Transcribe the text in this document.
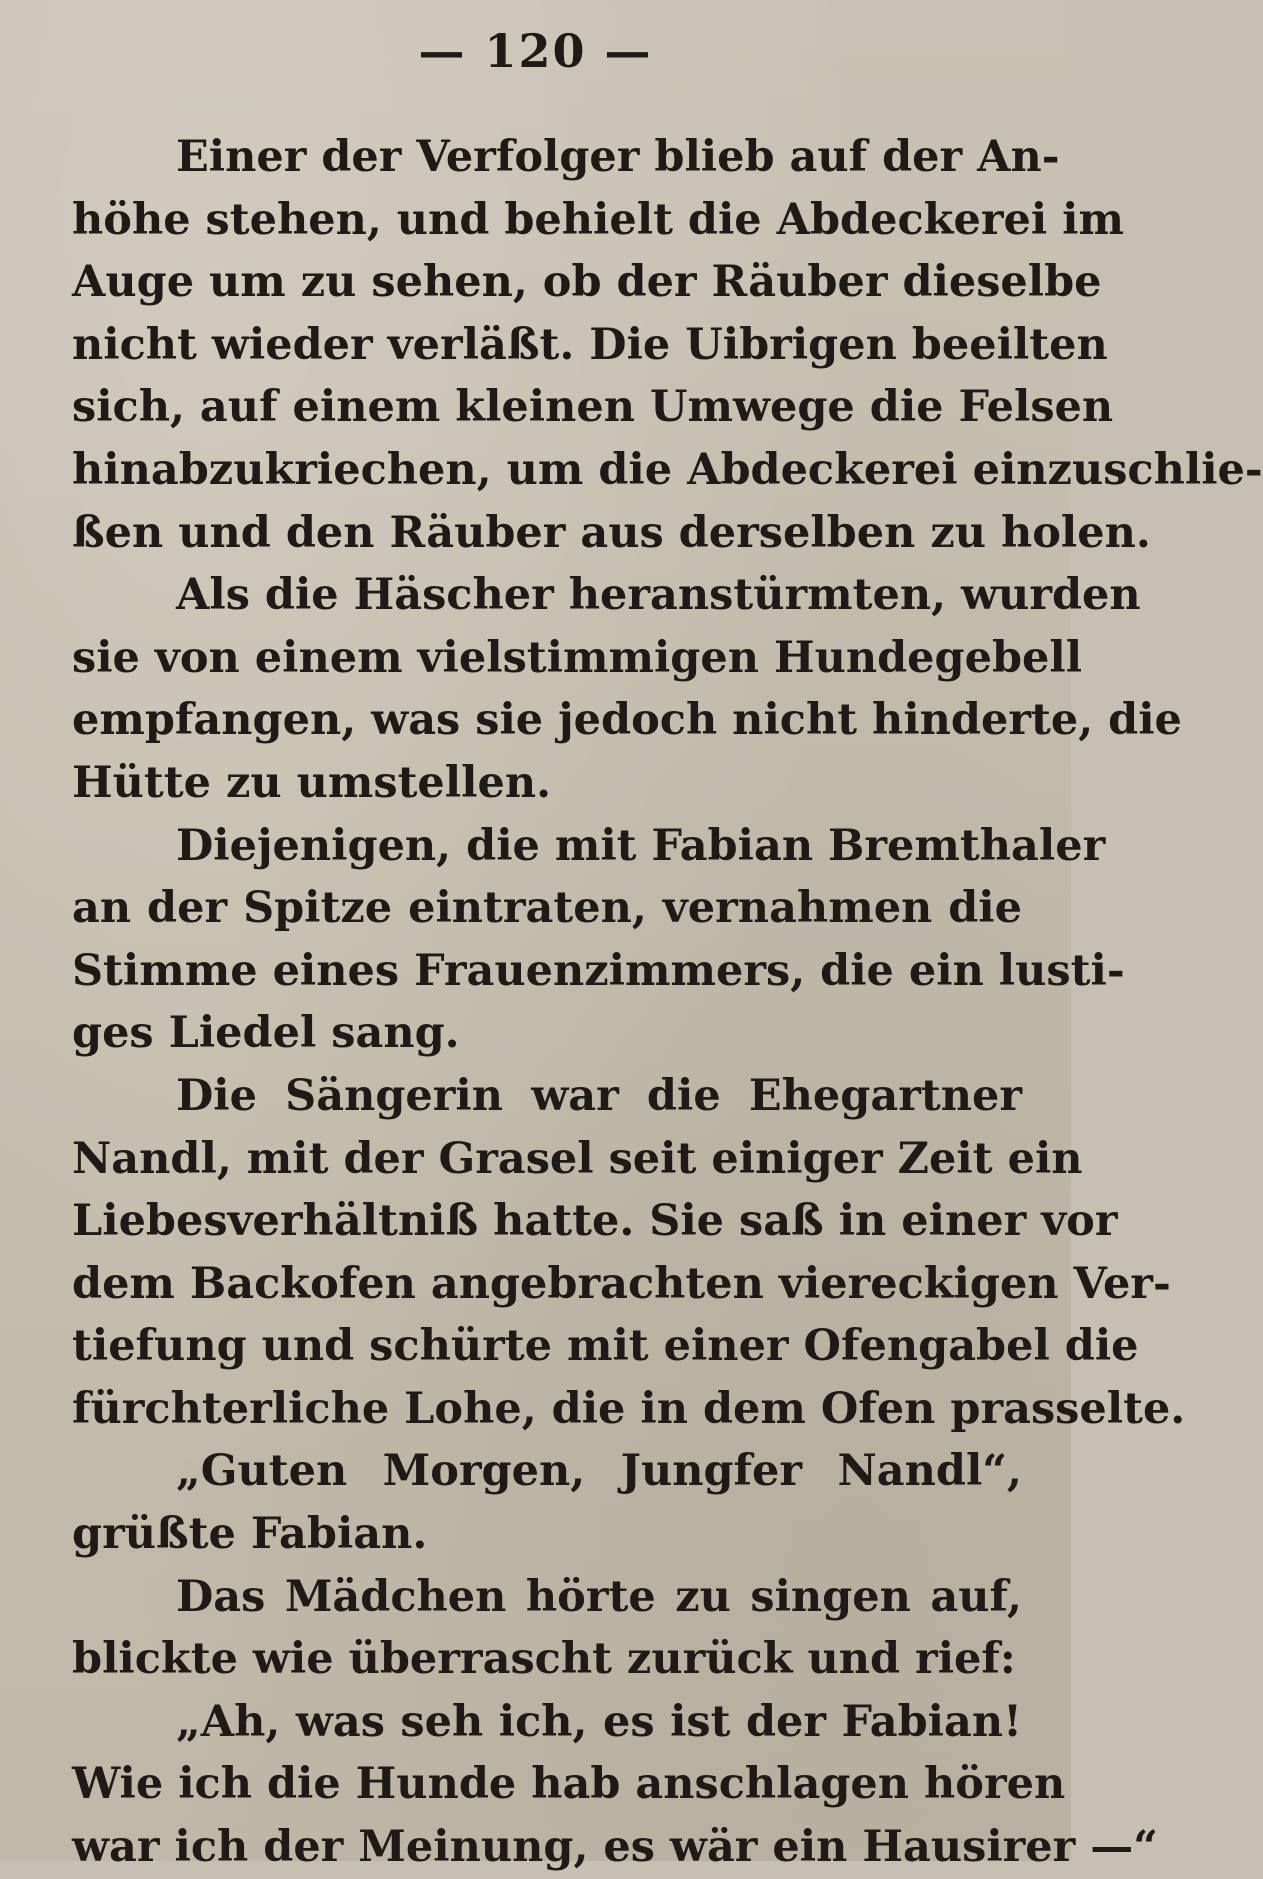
— 120 —
Einer der Verfolger blieb auf der An-
höhe stehen, und behielt die Abdeckerei im
Auge um zu sehen, ob der Räuber dieselbe
nicht wieder verläßt. Die Uibrigen beeilten
sich, auf einem kleinen Umwege die Felsen
hinabzukriechen, um die Abdeckerei einzuschlie-
ßen und den Räuber aus derselben zu holen.
Als die Häscher heranstürmten, wurden
sie von einem vielstimmigen Hundegebell
empfangen, was sie jedoch nicht hinderte, die
Hütte zu umstellen.
Diejenigen, die mit Fabian Bremthaler
an der Spitze eintraten, vernahmen die
Stimme eines Frauenzimmers, die ein lusti-
ges Liedel sang.
Die Sängerin war die Ehegartner
Nandl, mit der Grasel seit einiger Zeit ein
Liebesverhältniß hatte. Sie saß in einer vor
dem Backofen angebrachten viereckigen Ver-
tiefung und schürte mit einer Ofengabel die
fürchterliche Lohe, die in dem Ofen prasselte.
„Guten Morgen, Jungfer Nandl“,
grüßte Fabian.
Das Mädchen hörte zu singen auf,
blickte wie überrascht zurück und rief:
„Ah, was seh ich, es ist der Fabian!
Wie ich die Hunde hab anschlagen hören
war ich der Meinung, es wär ein Hausirer —“
